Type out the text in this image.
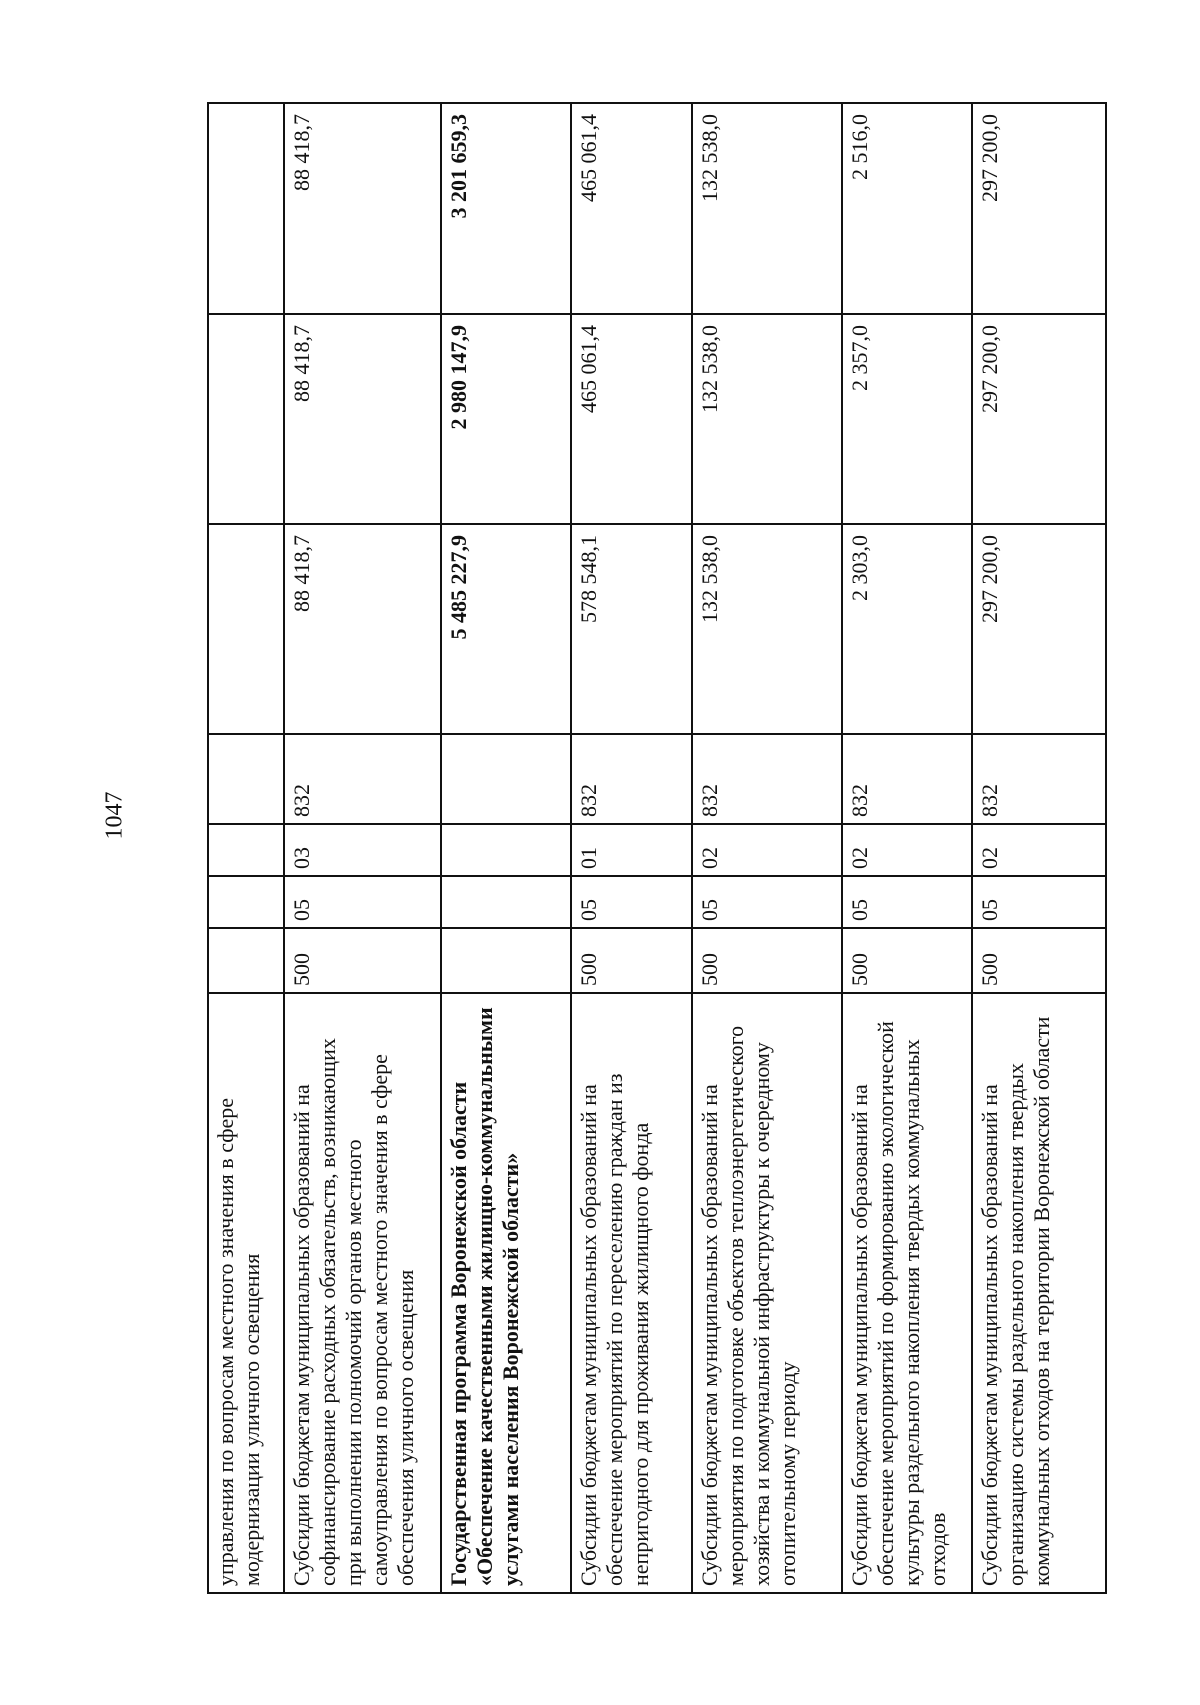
1047
управления по вопросам местного значения в сфере модернизации уличного освещения							
Субсидии бюджетам муниципальных образований на софинансирование расходных обязательств, возникающих при выполнении полномочий органов местного самоуправления по вопросам местного значения в сфере обеспечения уличного освещения	500	05	03	832	88 418,7	88 418,7	88 418,7
Государственная программа Воронежской области «Обеспечение качественными жилищно-коммунальными услугами населения Воронежской области»					5 485 227,9	2 980 147,9	3 201 659,3
Субсидии бюджетам муниципальных образований на обеспечение мероприятий по переселению граждан из непригодного для проживания жилищного фонда	500	05	01	832	578 548,1	465 061,4	465 061,4
Субсидии бюджетам муниципальных образований на мероприятия по подготовке объектов теплоэнергетического хозяйства и коммунальной инфраструктуры к очередному отопительному периоду	500	05	02	832	132 538,0	132 538,0	132 538,0
Субсидии бюджетам муниципальных образований на обеспечение мероприятий по формированию экологической культуры раздельного накопления твердых коммунальных отходов	500	05	02	832	2 303,0	2 357,0	2 516,0
Субсидии бюджетам муниципальных образований на организацию системы раздельного накопления твердых коммунальных отходов на территории Воронежской области	500	05	02	832	297 200,0	297 200,0	297 200,0
